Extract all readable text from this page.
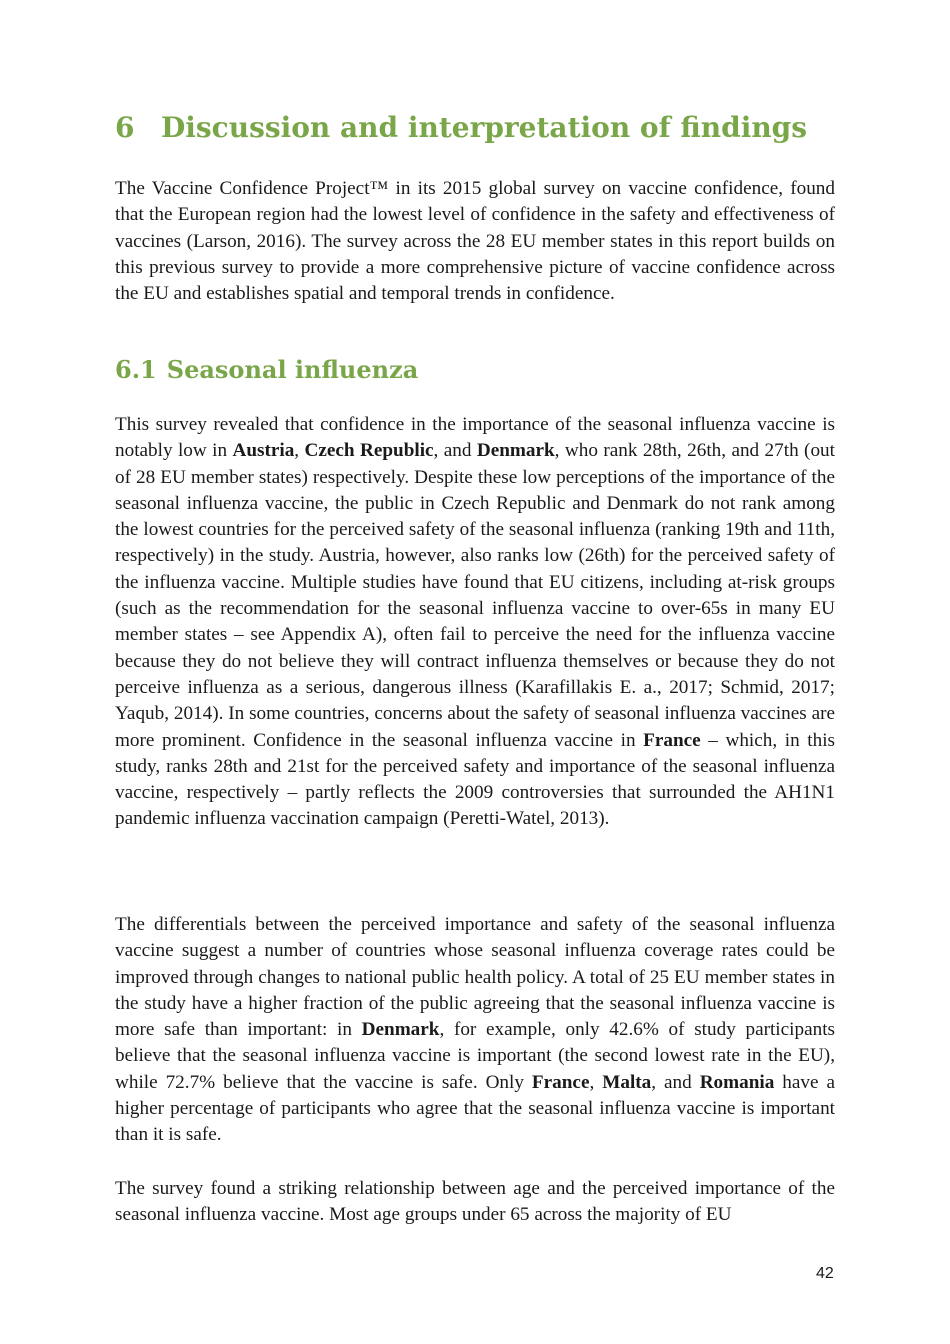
6 Discussion and interpretation of findings

The Vaccine Confidence Project™ in its 2015 global survey on vaccine confidence, found that the European region had the lowest level of confidence in the safety and effectiveness of vaccines (Larson, 2016). The survey across the 28 EU member states in this report builds on this previous survey to provide a more comprehensive picture of vaccine confidence across the EU and establishes spatial and temporal trends in confidence.

6.1 Seasonal influenza

This survey revealed that confidence in the importance of the seasonal influenza vaccine is notably low in Austria, Czech Republic, and Denmark, who rank 28th, 26th, and 27th (out of 28 EU member states) respectively. Despite these low perceptions of the importance of the seasonal influenza vaccine, the public in Czech Republic and Denmark do not rank among the lowest countries for the perceived safety of the seasonal influenza (ranking 19th and 11th, respectively) in the study. Austria, however, also ranks low (26th) for the perceived safety of the influenza vaccine. Multiple studies have found that EU citizens, including at-risk groups (such as the recommendation for the seasonal influenza vaccine to over-65s in many EU member states – see Appendix A), often fail to perceive the need for the influenza vaccine because they do not believe they will contract influenza themselves or because they do not perceive influenza as a serious, dangerous illness (Karafillakis E. a., 2017; Schmid, 2017; Yaqub, 2014). In some countries, concerns about the safety of seasonal influenza vaccines are more prominent. Confidence in the seasonal influenza vaccine in France – which, in this study, ranks 28th and 21st for the perceived safety and importance of the seasonal influenza vaccine, respectively – partly reflects the 2009 controversies that surrounded the AH1N1 pandemic influenza vaccination campaign (Peretti-Watel, 2013).

The differentials between the perceived importance and safety of the seasonal influenza vaccine suggest a number of countries whose seasonal influenza coverage rates could be improved through changes to national public health policy. A total of 25 EU member states in the study have a higher fraction of the public agreeing that the seasonal influenza vaccine is more safe than important: in Denmark, for example, only 42.6% of study participants believe that the seasonal influenza vaccine is important (the second lowest rate in the EU), while 72.7% believe that the vaccine is safe. Only France, Malta, and Romania have a higher percentage of participants who agree that the seasonal influenza vaccine is important than it is safe.

The survey found a striking relationship between age and the perceived importance of the seasonal influenza vaccine. Most age groups under 65 across the majority of EU

42
